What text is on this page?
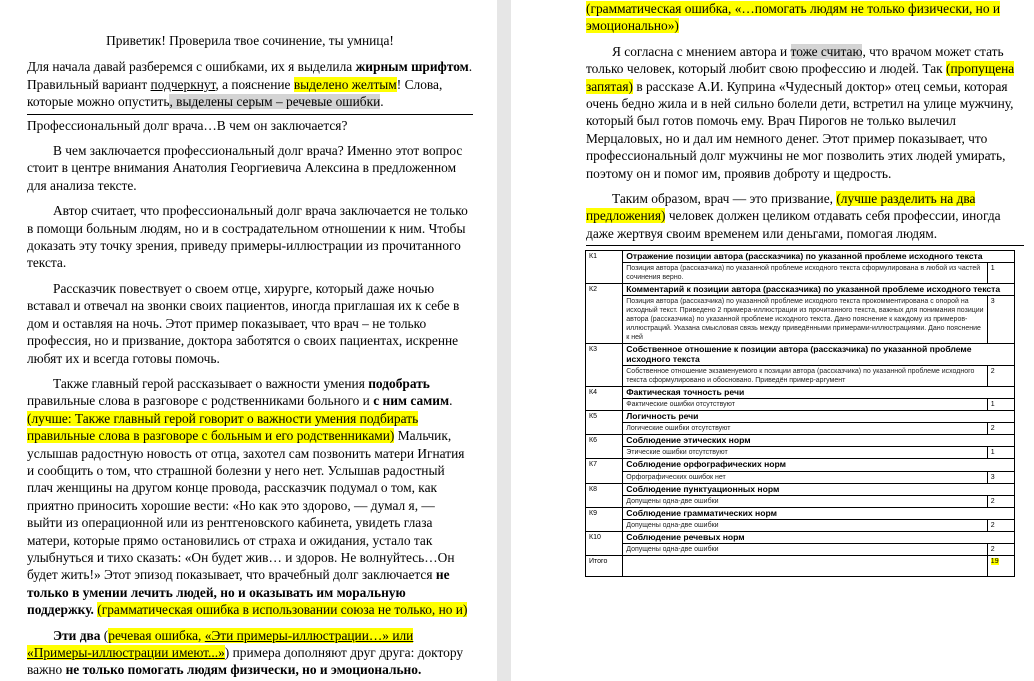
Приветик! Проверила твое сочинение, ты умница!

Для начала давай разберемся с ошибками, их я выделила жирным шрифтом. Правильный вариант подчеркнут, а пояснение выделено желтым! Слова, которые можно опустить, выделены серым – речевые ошибки.

Профессиональный долг врача…В чем он заключается?

В чем заключается профессиональный долг врача? Именно этот вопрос стоит в центре внимания Анатолия Георгиевича Алексина в предложенном для анализа тексте.

Автор считает, что профессиональный долг врача заключается не только в помощи больным людям, но и в сострадательном отношении к ним. Чтобы доказать эту точку зрения, приведу примеры-иллюстрации из прочитанного текста.

Рассказчик повествует о своем отце, хирурге, который даже ночью вставал и отвечал на звонки своих пациентов, иногда приглашая их к себе в дом и оставляя на ночь. Этот пример показывает, что врач – не только профессия, но и призвание, доктора заботятся о своих пациентах, искренне любят их и всегда готовы помочь.

Также главный герой рассказывает о важности умения подобрать правильные слова в разговоре с родственниками больного и с ним самим. (лучше: Также главный герой говорит о важности умения подбирать правильные слова в разговоре с больным и его родственниками) Мальчик, услышав радостную новость от отца, захотел сам позвонить матери Игнатия и сообщить о том, что страшной болезни у него нет. Услышав радостный плач женщины на другом конце провода, рассказчик подумал о том, как приятно приносить хорошие вести: «Но как это здорово, — думал я, — выйти из операционной или из рентгеновского кабинета, увидеть глаза матери, которые прямо остановились от страха и ожидания, устало так улыбнуться и тихо сказать: «Он будет жив… и здоров. Не волнуйтесь…Он будет жить!» Этот эпизод показывает, что врачебный долг заключается не только в умении лечить людей, но и оказывать им моральную поддержку. (грамматическая ошибка в использовании союза не только, но и)

Эти два (речевая ошибка, «Эти примеры-иллюстрации…» или «Примеры-иллюстрации имеют...») примера дополняют друг друга: доктору важно не только помогать людям физически, но и эмоционально.

(грамматическая ошибка, «…помогать людям не только физически, но и эмоционально»)

Я согласна с мнением автора и тоже считаю, что врачом может стать только человек, который любит свою профессию и людей. Так (пропущена запятая) в рассказе А.И. Куприна «Чудесный доктор» отец семьи, которая очень бедно жила и в ней сильно болели дети, встретил на улице мужчину, который был готов помочь ему. Врач Пирогов не только вылечил Мерцаловых, но и дал им немного денег. Этот пример показывает, что профессиональный долг мужчины не мог позволить этих людей умирать, поэтому он и помог им, проявив доброту и щедрость.

Таким образом, врач — это призвание, (лучше разделить на два предложения) человек должен целиком отдавать себя профессии, иногда даже жертвуя своим временем или деньгами, помогая людям.

К1	Отражение позиции автора (рассказчика) по указанной проблеме исходного текста	
	Позиция автора (рассказчика) по указанной проблеме исходного текста сформулирована в любой из частей сочинения верно.	1
К2	Комментарий к позиции автора (рассказчика) по указанной проблеме исходного текста	
	Позиция автора (рассказчика) по указанной проблеме исходного текста прокомментирована с опорой на исходный текст. Приведено 2 примера-иллюстрации из прочитанного текста, важных для понимания позиции автора (рассказчика) по указанной проблеме исходного текста. Дано пояснение к каждому из примеров-иллюстраций. Указана смысловая связь между приведёнными примерами-иллюстрациями. Дано пояснение к ней	3
К3	Собственное отношение к позиции автора (рассказчика) по указанной проблеме исходного текста	
	Собственное отношение экзаменуемого к позиции автора (рассказчика) по указанной проблеме исходного текста сформулировано и обосновано. Приведён пример-аргумент	2
К4	Фактическая точность речи	
	Фактические ошибки отсутствуют	1
К5	Логичность речи	
	Логические ошибки отсутствуют	2
К6	Соблюдение этических норм	
	Этические ошибки отсутствуют	1
К7	Соблюдение орфографических норм	
	Орфографических ошибок нет	3
К8	Соблюдение пунктуационных норм	
	Допущены одна-две ошибки	2
К9	Соблюдение грамматических норм	
	Допущены одна-две ошибки	2
К10	Соблюдение речевых норм	
	Допущены одна-две ошибки	2
Итого		19
